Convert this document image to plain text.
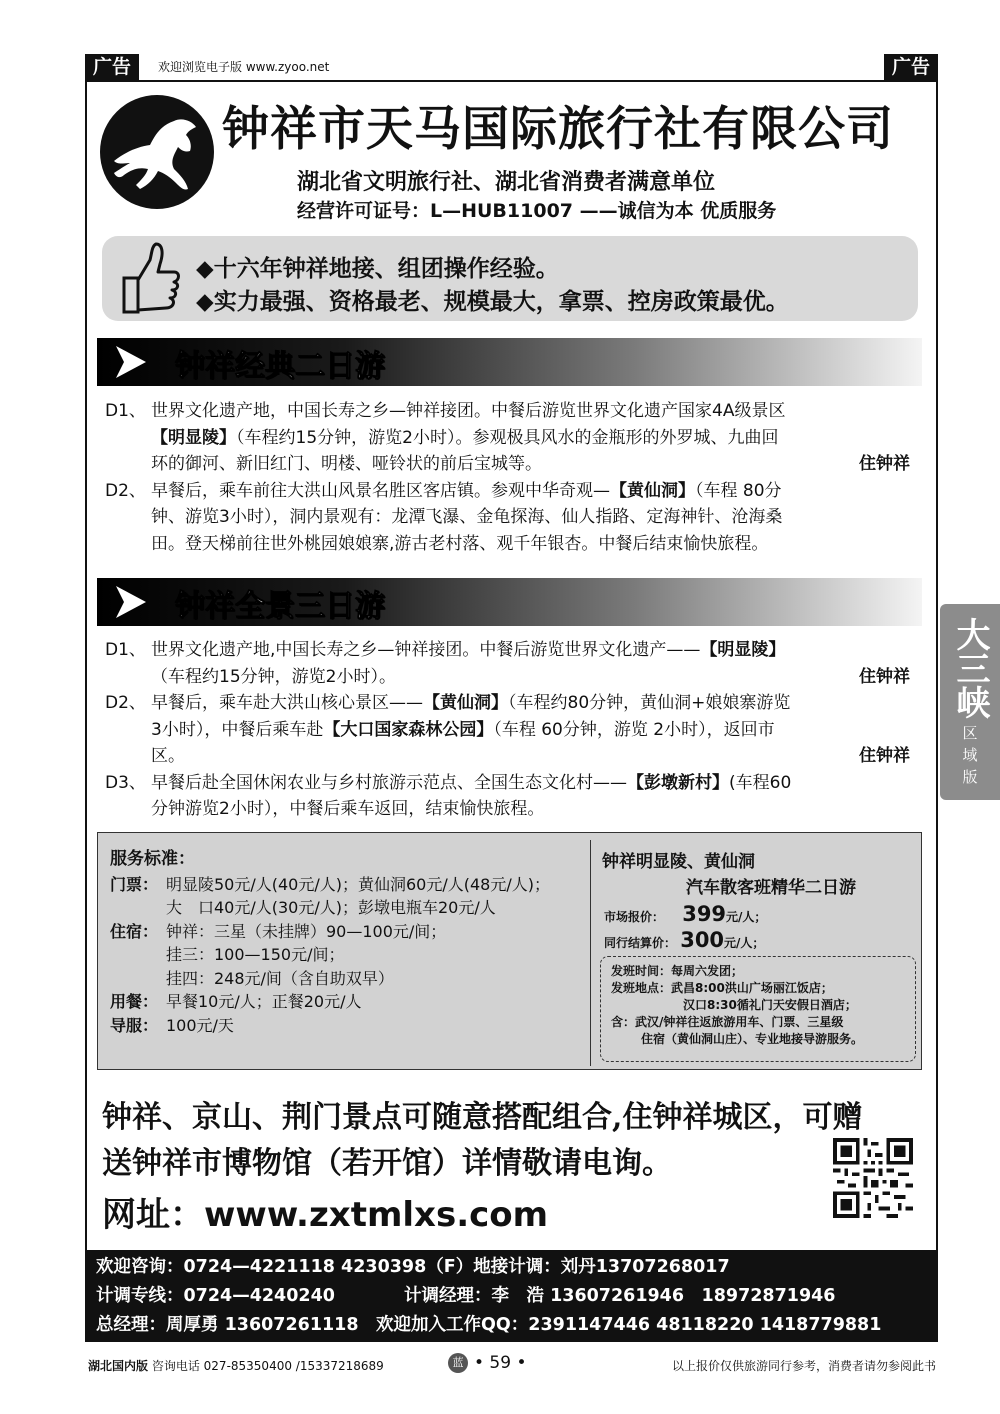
广告	欢迎浏览电子版 www.zyoo.net	广告
钟祥市天马国际旅行社有限公司
湖北省文明旅行社、湖北省消费者满意单位
经营许可证号：L—HUB11007 ——诚信为本 优质服务
◆十六年钟祥地接、组团操作经验。
◆实力最强、资格最老、规模最大，拿票、控房政策最优。
钟祥经典二日游
D1、 世界文化遗产地，中国长寿之乡—钟祥接团。中餐后游览世界文化遗产国家4A级景区
【明显陵】（车程约15分钟，游览2小时）。参观极具风水的金瓶形的外罗城、九曲回
环的御河、新旧红门、明楼、哑铃状的前后宝城等。	住钟祥
D2、 早餐后，乘车前往大洪山风景名胜区客店镇。参观中华奇观—【黄仙洞】（车程 80分
钟、游览3小时），洞内景观有：龙潭飞瀑、金龟探海、仙人指路、定海神针、沧海桑
田。登天梯前往世外桃园娘娘寨,游古老村落、观千年银杏。中餐后结束愉快旅程。
钟祥全景三日游
D1、 世界文化遗产地,中国长寿之乡—钟祥接团。中餐后游览世界文化遗产——【明显陵】
（车程约15分钟，游览2小时）。	住钟祥
D2、 早餐后，乘车赴大洪山核心景区——【黄仙洞】（车程约80分钟，黄仙洞+娘娘寨游览
3小时），中餐后乘车赴【大口国家森林公园】（车程 60分钟，游览 2小时），返回市
区。	住钟祥
D3、 早餐后赴全国休闲农业与乡村旅游示范点、全国生态文化村——【彭墩新村】(车程60
分钟游览2小时），中餐后乘车返回，结束愉快旅程。
大三峡
区
域
版
服务标准：
门票： 明显陵50元/人(40元/人)；黄仙洞60元/人(48元/人)；
大　口40元/人(30元/人)；彭墩电瓶车20元/人
住宿： 钟祥：三星（未挂牌）90—100元/间；
挂三：100—150元/间；
挂四：248元/间（含自助双早）
用餐： 早餐10元/人；正餐20元/人
导服： 100元/天
钟祥明显陵、黄仙洞
汽车散客班精华二日游
市场报价： 399元/人；
同行结算价： 300元/人；
发班时间： 每周六发团；
发班地点： 武昌8:00洪山广场丽江饭店；
汉口8:30循礼门天安假日酒店；
含： 武汉/钟祥往返旅游用车、门票、三星级
住宿（黄仙洞山庄）、专业地接导游服务。
钟祥、京山、荆门景点可随意搭配组合,住钟祥城区，可赠
送钟祥市博物馆（若开馆）详情敬请电询。
网址：www.zxtmlxs.com
欢迎咨询：0724—4221118 4230398（F）地接计调：刘丹13707268017
计调专线：0724—4240240	计调经理：李　浩 13607261946　18972871946
总经理：周厚勇 13607261118　欢迎加入工作QQ：2391147446 48118220 1418779881
湖北国内版 咨询电话 027-85350400 /15337218689	蓝 • 59 •	以上报价仅供旅游同行参考，消费者请勿参阅此书
